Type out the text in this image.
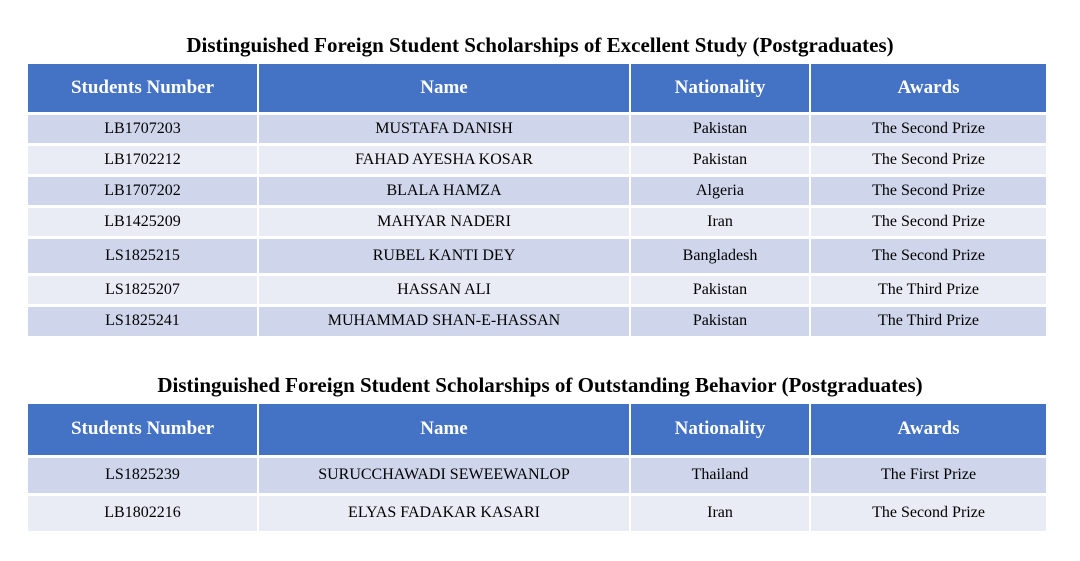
Distinguished Foreign Student Scholarships of Excellent Study (Postgraduates)
Students Number	Name	Nationality	Awards
LB1707203	MUSTAFA DANISH	Pakistan	The Second Prize
LB1702212	FAHAD AYESHA KOSAR	Pakistan	The Second Prize
LB1707202	BLALA HAMZA	Algeria	The Second Prize
LB1425209	MAHYAR NADERI	Iran	The Second Prize
LS1825215	RUBEL KANTI DEY	Bangladesh	The Second Prize
LS1825207	HASSAN ALI	Pakistan	The Third Prize
LS1825241	MUHAMMAD SHAN-E-HASSAN	Pakistan	The Third Prize
Distinguished Foreign Student Scholarships of Outstanding Behavior (Postgraduates)
Students Number	Name	Nationality	Awards
LS1825239	SURUCCHAWADI SEWEEWANLOP	Thailand	The First Prize
LB1802216	ELYAS FADAKAR KASARI	Iran	The Second Prize
